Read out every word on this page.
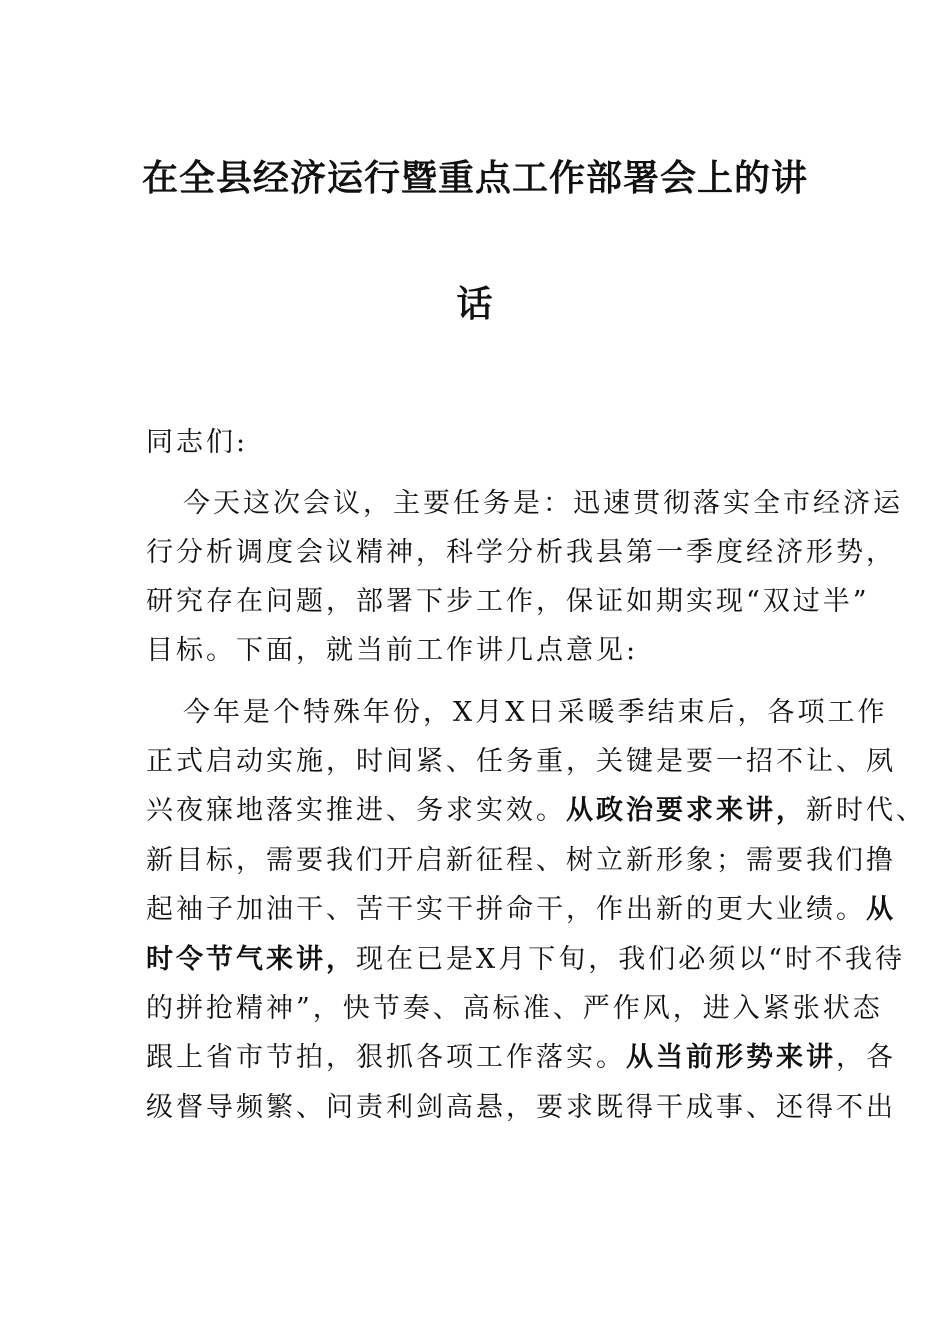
在全县经济运行暨重点工作部署会上的讲
话
同志们:
今天这次会议，主要任务是：迅速贯彻落实全市经济运
行分析调度会议精神，科学分析我县第一季度经济形势，
研究存在问题，部署下步工作，保证如期实现“双过半”
目标。下面，就当前工作讲几点意见:
今年是个特殊年份，X月X日采暖季结束后，各项工作
正式启动实施，时间紧、任务重，关键是要一招不让、夙
兴夜寐地落实推进、务求实效。从政治要求来讲，新时代、
新目标，需要我们开启新征程、树立新形象；需要我们撸
起袖子加油干、苦干实干拼命干，作出新的更大业绩。从
时令节气来讲，现在已是X月下旬，我们必须以“时不我待
的拼抢精神”，快节奏、高标准、严作风，进入紧张状态
跟上省市节拍，狠抓各项工作落实。从当前形势来讲，各
级督导频繁、问责利剑高悬，要求既得干成事、还得不出
